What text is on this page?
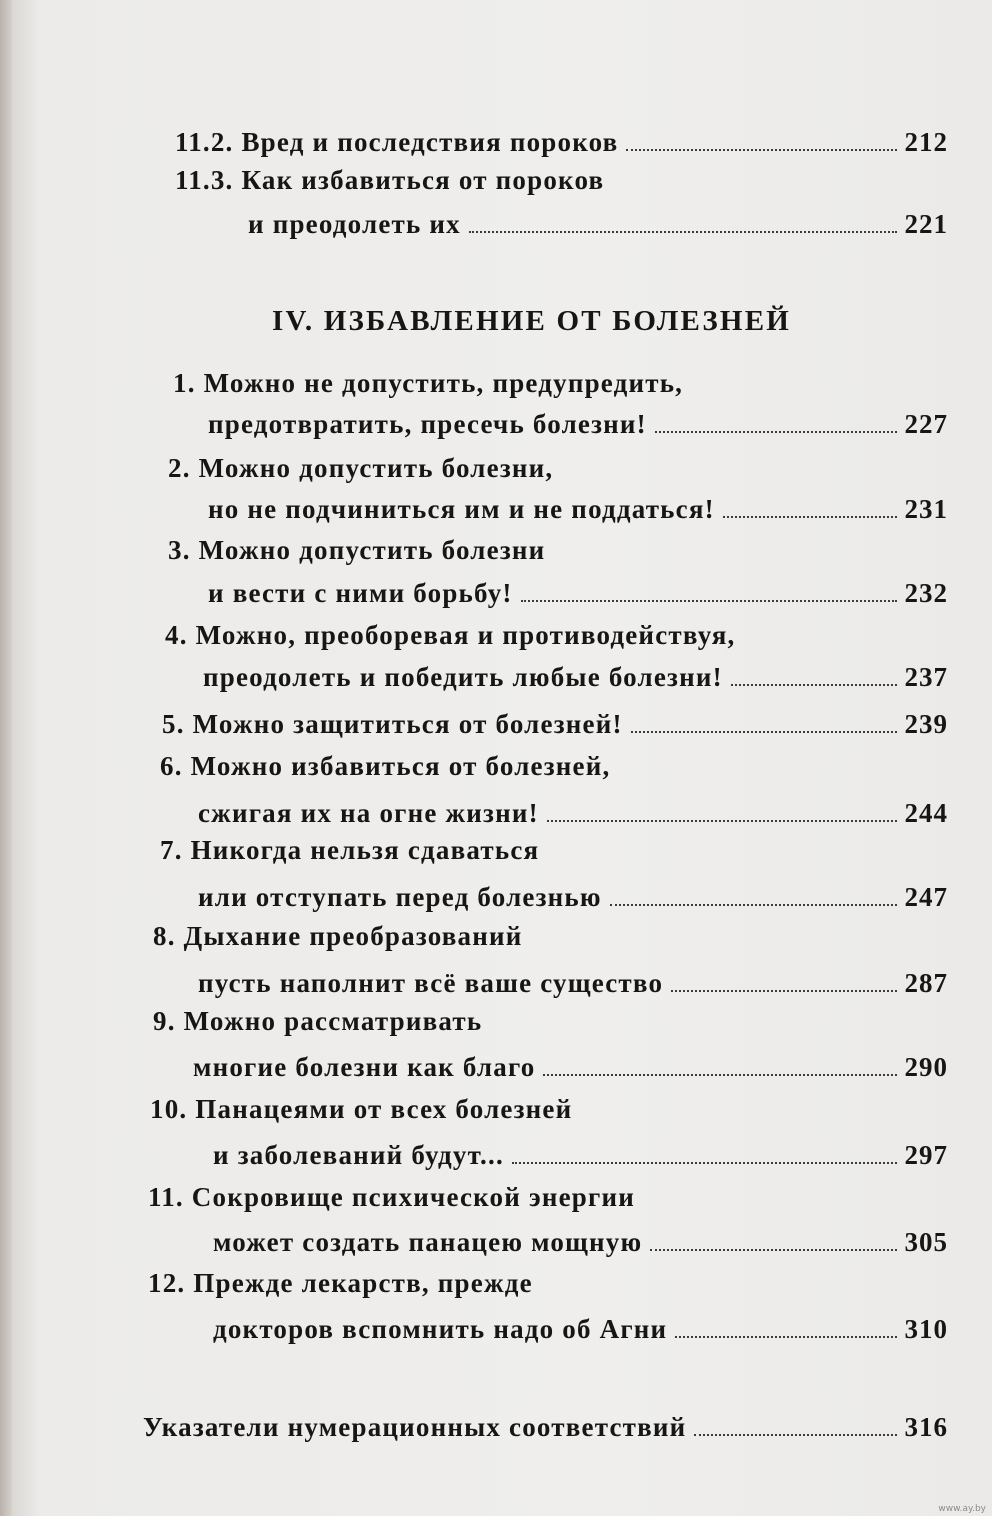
11.2. Вред и последствия пороков	212
11.3. Как избавиться от пороков
и преодолеть их	221
IV. ИЗБАВЛЕНИЕ ОТ БОЛЕЗНЕЙ
1. Можно не допустить, предупредить,
предотвратить, пресечь болезни!	227
2. Можно допустить болезни,
но не подчиниться им и не поддаться!	231
3. Можно допустить болезни
и вести с ними борьбу!	232
4. Можно, преоборевая и противодействуя,
преодолеть и победить любые болезни!	237
5. Можно защититься от болезней!	239
6. Можно избавиться от болезней,
сжигая их на огне жизни!	244
7. Никогда нельзя сдаваться
или отступать перед болезнью	247
8. Дыхание преобразований
пусть наполнит всё ваше существо	287
9. Можно рассматривать
многие болезни как благо	290
10. Панацеями от всех болезней
и заболеваний будут...	297
11. Сокровище психической энергии
может создать панацею мощную	305
12. Прежде лекарств, прежде
докторов вспомнить надо об Агни	310
Указатели нумерационных соответствий	316
www.ay.by
